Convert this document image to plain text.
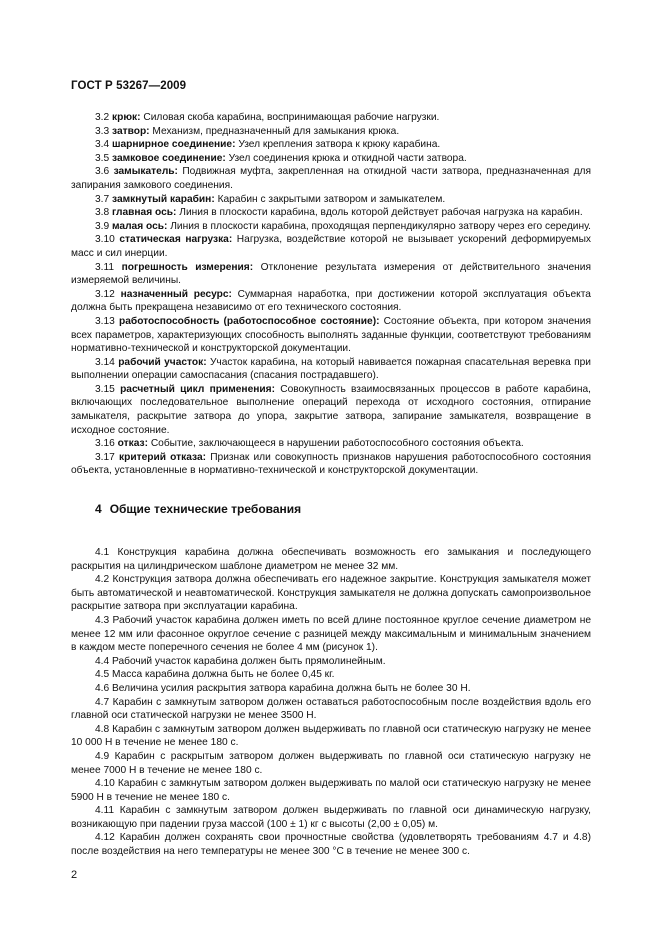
ГОСТ Р 53267—2009

3.2 крюк: Силовая скоба карабина, воспринимающая рабочие нагрузки.

3.3 затвор: Механизм, предназначенный для замыкания крюка.

3.4 шарнирное соединение: Узел крепления затвора к крюку карабина.

3.5 замковое соединение: Узел соединения крюка и откидной части затвора.

3.6 замыкатель: Подвижная муфта, закрепленная на откидной части затвора, предназначенная для запирания замкового соединения.

3.7 замкнутый карабин: Карабин с закрытыми затвором и замыкателем.

3.8 главная ось: Линия в плоскости карабина, вдоль которой действует рабочая нагрузка на карабин.

3.9 малая ось: Линия в плоскости карабина, проходящая перпендикулярно затвору через его середину.

3.10 статическая нагрузка: Нагрузка, воздействие которой не вызывает ускорений деформируемых масс и сил инерции.

3.11 погрешность измерения: Отклонение результата измерения от действительного значения измеряемой величины.

3.12 назначенный ресурс: Суммарная наработка, при достижении которой эксплуатация объекта должна быть прекращена независимо от его технического состояния.

3.13 работоспособность (работоспособное состояние): Состояние объекта, при котором значения всех параметров, характеризующих способность выполнять заданные функции, соответствуют требованиям нормативно-технической и конструкторской документации.

3.14 рабочий участок: Участок карабина, на который навивается пожарная спасательная веревка при выполнении операции самоспасания (спасания пострадавшего).

3.15 расчетный цикл применения: Совокупность взаимосвязанных процессов в работе карабина, включающих последовательное выполнение операций перехода от исходного состояния, отпирание замыкателя, раскрытие затвора до упора, закрытие затвора, запирание замыкателя, возвращение в исходное состояние.

3.16 отказ: Событие, заключающееся в нарушении работоспособного состояния объекта.

3.17 критерий отказа: Признак или совокупность признаков нарушения работоспособного состояния объекта, установленные в нормативно-технической и конструкторской документации.

4 Общие технические требования

4.1 Конструкция карабина должна обеспечивать возможность его замыкания и последующего раскрытия на цилиндрическом шаблоне диаметром не менее 32 мм.

4.2 Конструкция затвора должна обеспечивать его надежное закрытие. Конструкция замыкателя может быть автоматической и неавтоматической. Конструкция замыкателя не должна допускать самопроизвольное раскрытие затвора при эксплуатации карабина.

4.3 Рабочий участок карабина должен иметь по всей длине постоянное круглое сечение диаметром не менее 12 мм или фасонное округлое сечение с разницей между максимальным и минимальным значением в каждом месте поперечного сечения не более 4 мм (рисунок 1).

4.4 Рабочий участок карабина должен быть прямолинейным.

4.5 Масса карабина должна быть не более 0,45 кг.

4.6 Величина усилия раскрытия затвора карабина должна быть не более 30 Н.

4.7 Карабин с замкнутым затвором должен оставаться работоспособным после воздействия вдоль его главной оси статической нагрузки не менее 3500 Н.

4.8 Карабин с замкнутым затвором должен выдерживать по главной оси статическую нагрузку не менее 10 000 Н в течение не менее 180 с.

4.9 Карабин с раскрытым затвором должен выдерживать по главной оси статическую нагрузку не менее 7000 Н в течение не менее 180 с.

4.10 Карабин с замкнутым затвором должен выдерживать по малой оси статическую нагрузку не менее 5900 Н в течение не менее 180 с.

4.11 Карабин с замкнутым затвором должен выдерживать по главной оси динамическую нагрузку, возникающую при падении груза массой (100 ± 1) кг с высоты (2,00 ± 0,05) м.

4.12 Карабин должен сохранять свои прочностные свойства (удовлетворять требованиям 4.7 и 4.8) после воздействия на него температуры не менее 300 °С в течение не менее 300 с.

2
